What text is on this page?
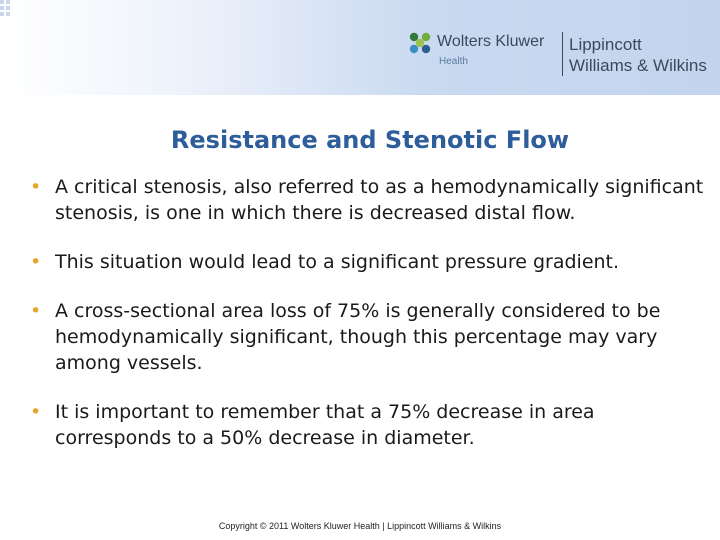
Wolters Kluwer
Health
Lippincott
Williams & Wilkins
Resistance and Stenotic Flow
• A critical stenosis, also referred to as a hemodynamically significant stenosis, is one in which there is decreased distal flow.
• This situation would lead to a significant pressure gradient.
• A cross-sectional area loss of 75% is generally considered to be hemodynamically significant, though this percentage may vary among vessels.
• It is important to remember that a 75% decrease in area corresponds to a 50% decrease in diameter.
Copyright © 2011 Wolters Kluwer Health | Lippincott Williams & Wilkins
